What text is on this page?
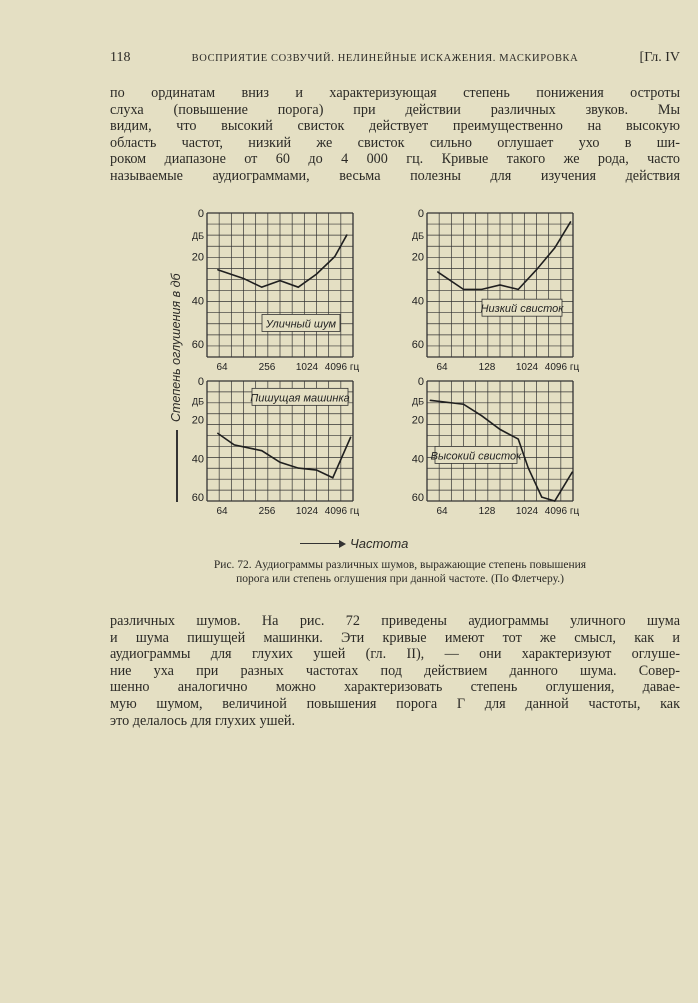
118	ВОСПРИЯТИЕ СОЗВУЧИЙ. НЕЛИНЕЙНЫЕ ИСКАЖЕНИЯ. МАСКИРОВКА	[Гл. IV
по ординатам вниз и характеризующая степень понижения остроты
слуха (повышение порога) при действии различных звуков. Мы
видим, что высокий свисток действует преимущественно на высокую
область частот, низкий же свисток сильно оглушает ухо в ши-
роком диапазоне от 60 до 4 000 гц. Кривые такого же рода, часто
называемые аудиограммами, весьма полезны для изучения действия
0
ДБ
20
40
60
64	256 1024 4096 гц
Уличный шум
0
ДБ
20
40
60
64	128 1024 4096 гц
Низкий свисток
0
ДБ
20
40
60
64	256 1024 4096 гц
Пишущая машинка
0
ДБ
20
40
60
64	128 1024 4096 гц
Высокий свисток
Степень оглушения в дб
Частота
Рис. 72. Аудиограммы различных шумов, выражающие степень повышения
порога или степень оглушения при данной частоте. (По Флетчеру.)
различных шумов. На рис. 72 приведены аудиограммы уличного шума
и шума пишущей машинки. Эти кривые имеют тот же смысл, как и
аудиограммы для глухих ушей (гл. II), — они характеризуют оглуше-
ние уха при разных частотах под действием данного шума. Совер-
шенно аналогично можно характеризовать степень оглушения, давае-
мую шумом, величиной повышения порога Г для данной частоты, как
это делалось для глухих ушей.
